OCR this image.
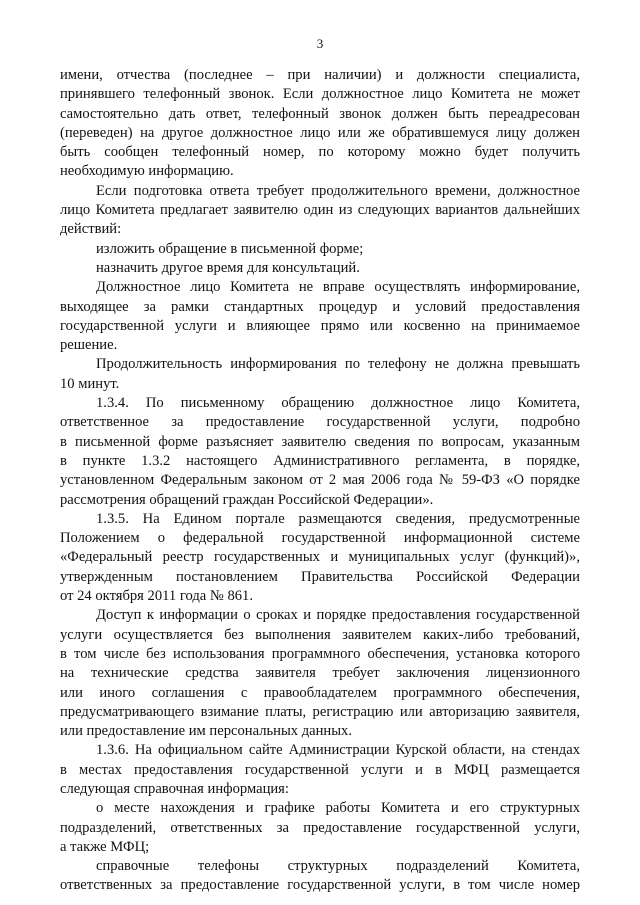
3
имени, отчества (последнее – при наличии) и должности специалиста,
принявшего телефонный звонок. Если должностное лицо Комитета не может
самостоятельно дать ответ, телефонный звонок должен быть переадресован
(переведен) на другое должностное лицо или же обратившемуся лицу должен
быть сообщен телефонный номер, по которому можно будет получить
необходимую информацию.
Если подготовка ответа требует продолжительного времени, должностное
лицо Комитета предлагает заявителю один из следующих вариантов дальнейших
действий:
изложить обращение в письменной форме;
назначить другое время для консультаций.
Должностное лицо Комитета не вправе осуществлять информирование,
выходящее за рамки стандартных процедур и условий предоставления
государственной услуги и влияющее прямо или косвенно на принимаемое
решение.
Продолжительность информирования по телефону не должна превышать
10 минут.
1.3.4. По письменному обращению должностное лицо Комитета,
ответственное за предоставление государственной услуги, подробно
в письменной форме разъясняет заявителю сведения по вопросам, указанным
в пункте 1.3.2 настоящего Административного регламента, в порядке,
установленном Федеральным законом от 2 мая 2006 года № 59-ФЗ «О порядке
рассмотрения обращений граждан Российской Федерации».
1.3.5. На Едином портале размещаются сведения, предусмотренные
Положением о федеральной государственной информационной системе
«Федеральный реестр государственных и муниципальных услуг (функций)»,
утвержденным постановлением Правительства Российской Федерации
от 24 октября 2011 года № 861.
Доступ к информации о сроках и порядке предоставления государственной
услуги осуществляется без выполнения заявителем каких-либо требований,
в том числе без использования программного обеспечения, установка которого
на технические средства заявителя требует заключения лицензионного
или иного соглашения с правообладателем программного обеспечения,
предусматривающего взимание платы, регистрацию или авторизацию заявителя,
или предоставление им персональных данных.
1.3.6. На официальном сайте Администрации Курской области, на стендах
в местах предоставления государственной услуги и в МФЦ размещается
следующая справочная информация:
о месте нахождения и графике работы Комитета и его структурных
подразделений, ответственных за предоставление государственной услуги,
а также МФЦ;
справочные телефоны структурных подразделений Комитета,
ответственных за предоставление государственной услуги, в том числе номер
